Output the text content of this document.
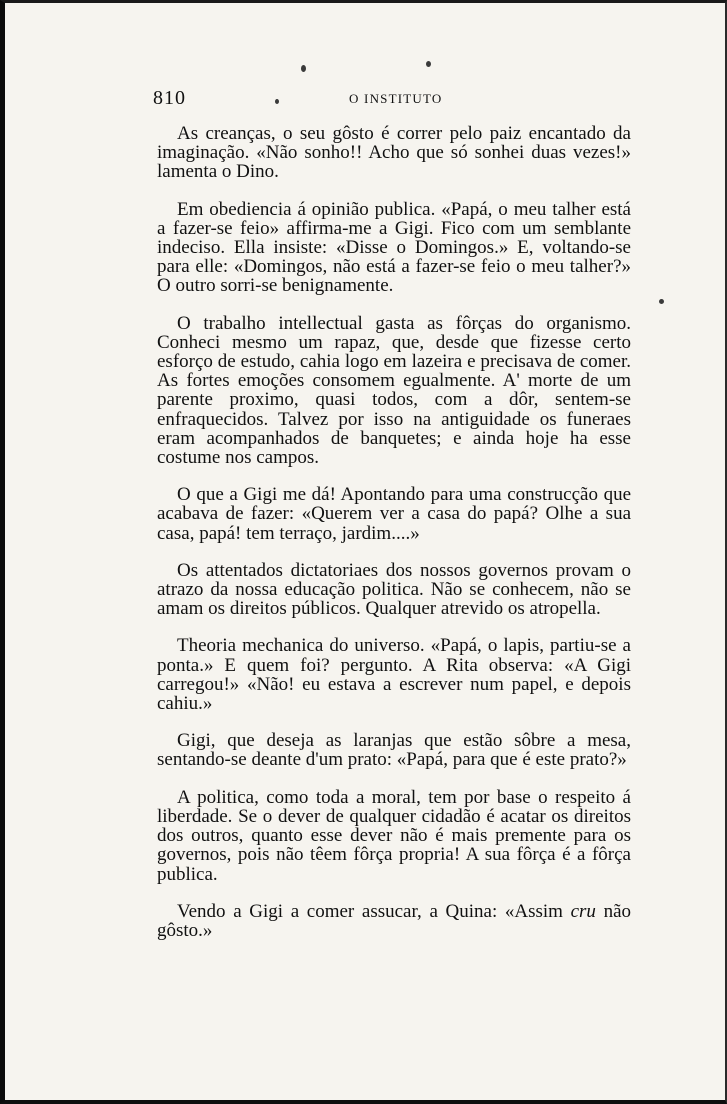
810	O INSTITUTO

As creanças, o seu gôsto é correr pelo paiz encantado da imaginação. «Não sonho!! Acho que só sonhei duas vezes!» lamenta o Dino.

Em obediencia á opinião publica. «Papá, o meu talher está a fazer-se feio» affirma-me a Gigi. Fico com um semblante indeciso. Ella insiste: «Disse o Domingos.» E, voltando-se para elle: «Domingos, não está a fazer-se feio o meu talher?» O outro sorri-se benignamente.

O trabalho intellectual gasta as fôrças do organismo. Conheci mesmo um rapaz, que, desde que fizesse certo esforço de estudo, cahia logo em lazeira e precisava de comer. As fortes emoções consomem egualmente. A' morte de um parente proximo, quasi todos, com a dôr, sentem-se enfraquecidos. Talvez por isso na antiguidade os funeraes eram acompanhados de banquetes; e ainda hoje ha esse costume nos campos.

O que a Gigi me dá! Apontando para uma construcção que acabava de fazer: «Querem ver a casa do papá? Olhe a sua casa, papá! tem terraço, jardim....»

Os attentados dictatoriaes dos nossos governos provam o atrazo da nossa educação politica. Não se conhecem, não se amam os direitos públicos. Qualquer atrevido os atropella.

Theoria mechanica do universo. «Papá, o lapis, partiu-se a ponta.» E quem foi? pergunto. A Rita observa: «A Gigi carregou!» «Não! eu estava a escrever num papel, e depois cahiu.»

Gigi, que deseja as laranjas que estão sôbre a mesa, sentando-se deante d'um prato: «Papá, para que é este prato?»

A politica, como toda a moral, tem por base o respeito á liberdade. Se o dever de qualquer cidadão é acatar os direitos dos outros, quanto esse dever não é mais premente para os governos, pois não têem fôrça propria! A sua fôrça é a fôrça publica.

Vendo a Gigi a comer assucar, a Quina: «Assim cru não gôsto.»
